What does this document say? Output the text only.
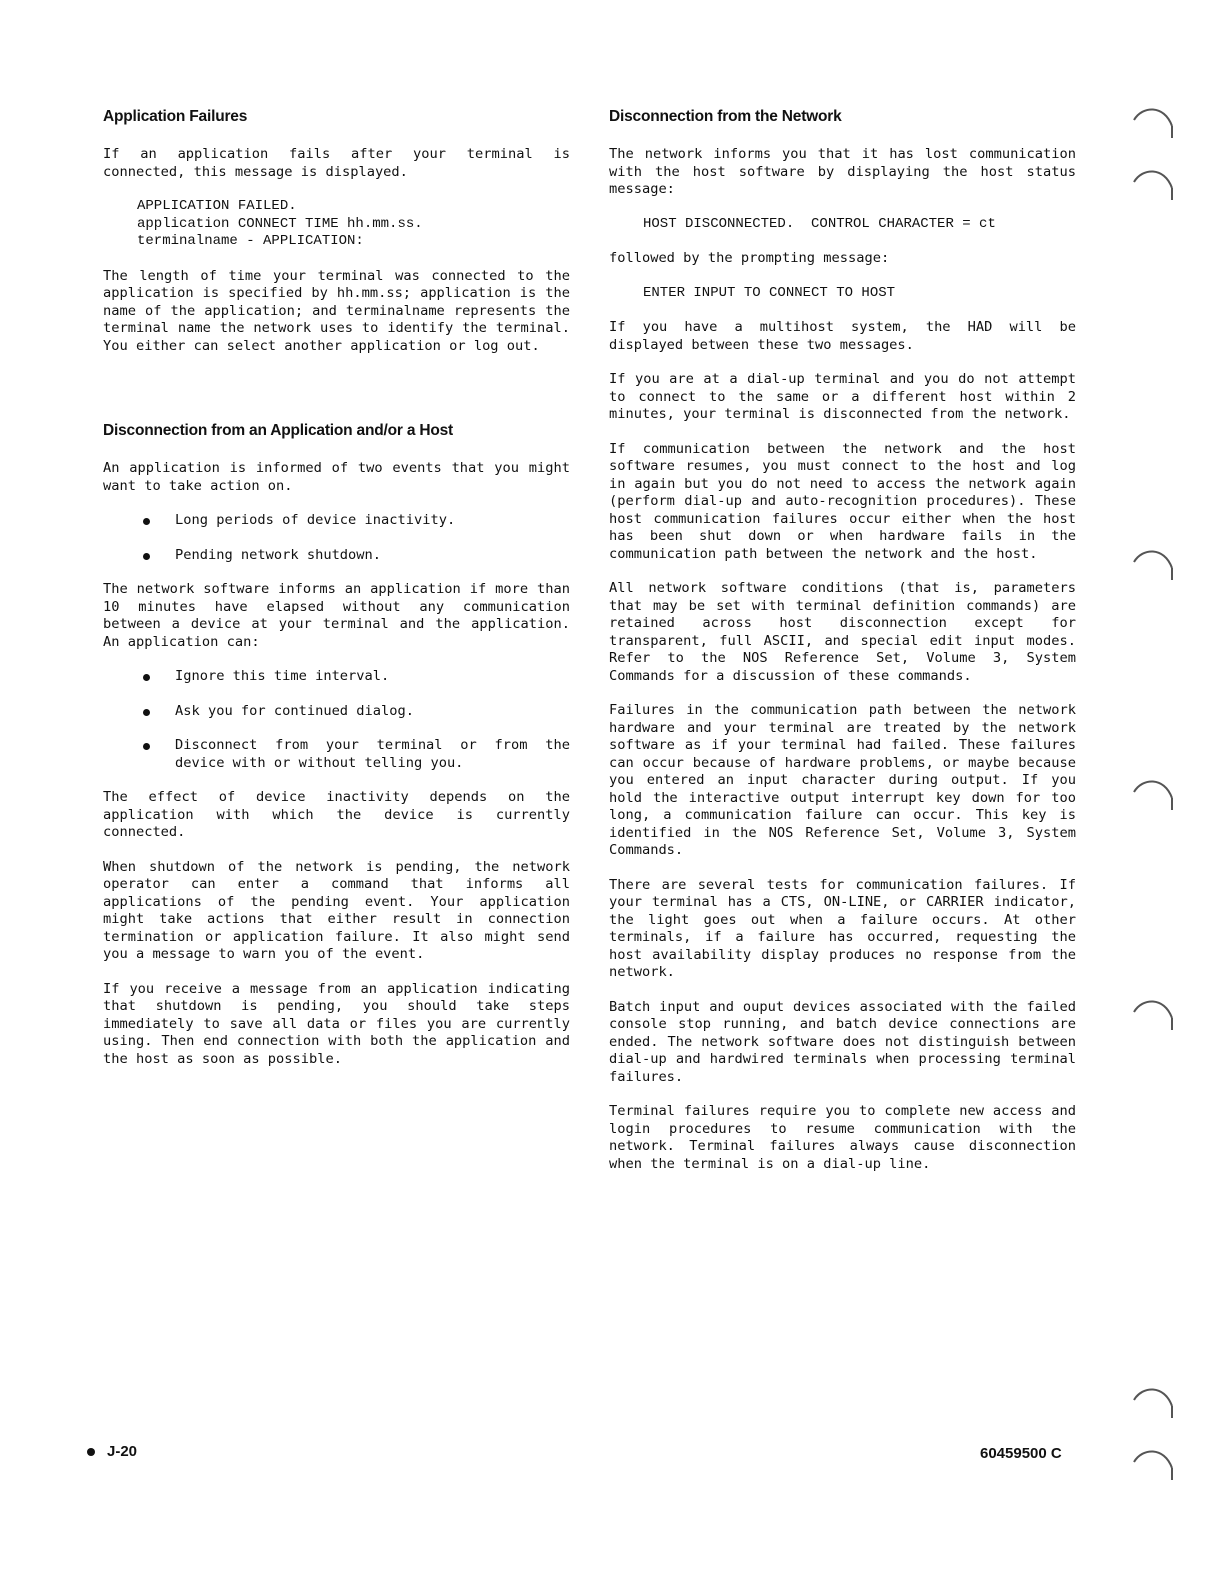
Application Failures

If an application fails after your terminal is connected, this message is displayed.

APPLICATION FAILED.
application CONNECT TIME hh.mm.ss.
terminalname - APPLICATION:

The length of time your terminal was connected to the application is specified by hh.mm.ss; application is the name of the application; and terminalname represents the terminal name the network uses to identify the terminal. You either can select another application or log out.

Disconnection from an Application and/or a Host

An application is informed of two events that you might want to take action on.

Long periods of device inactivity.
Pending network shutdown.

The network software informs an application if more than 10 minutes have elapsed without any communication between a device at your terminal and the application. An application can:

Ignore this time interval.
Ask you for continued dialog.
Disconnect from your terminal or from the device with or without telling you.

The effect of device inactivity depends on the application with which the device is currently connected.

When shutdown of the network is pending, the network operator can enter a command that informs all applications of the pending event. Your application might take actions that either result in connection termination or application failure. It also might send you a message to warn you of the event.

If you receive a message from an application indicating that shutdown is pending, you should take steps immediately to save all data or files you are currently using. Then end connection with both the application and the host as soon as possible.

Disconnection from the Network

The network informs you that it has lost communication with the host software by displaying the host status message:

HOST DISCONNECTED.  CONTROL CHARACTER = ct

followed by the prompting message:

ENTER INPUT TO CONNECT TO HOST

If you have a multihost system, the HAD will be displayed between these two messages.

If you are at a dial-up terminal and you do not attempt to connect to the same or a different host within 2 minutes, your terminal is disconnected from the network.

If communication between the network and the host software resumes, you must connect to the host and log in again but you do not need to access the network again (perform dial-up and auto-recognition procedures). These host communication failures occur either when the host has been shut down or when hardware fails in the communication path between the network and the host.

All network software conditions (that is, parameters that may be set with terminal definition commands) are retained across host disconnection except for transparent, full ASCII, and special edit input modes. Refer to the NOS Reference Set, Volume 3, System Commands for a discussion of these commands.

Failures in the communication path between the network hardware and your terminal are treated by the network software as if your terminal had failed. These failures can occur because of hardware problems, or maybe because you entered an input character during output. If you hold the interactive output interrupt key down for too long, a communication failure can occur. This key is identified in the NOS Reference Set, Volume 3, System Commands.

There are several tests for communication failures. If your terminal has a CTS, ON-LINE, or CARRIER indicator, the light goes out when a failure occurs. At other terminals, if a failure has occurred, requesting the host availability display produces no response from the network.

Batch input and ouput devices associated with the failed console stop running, and batch device connections are ended. The network software does not distinguish between dial-up and hardwired terminals when processing terminal failures.

Terminal failures require you to complete new access and login procedures to resume communication with the network. Terminal failures always cause disconnection when the terminal is on a dial-up line.

J-20	60459500 C
